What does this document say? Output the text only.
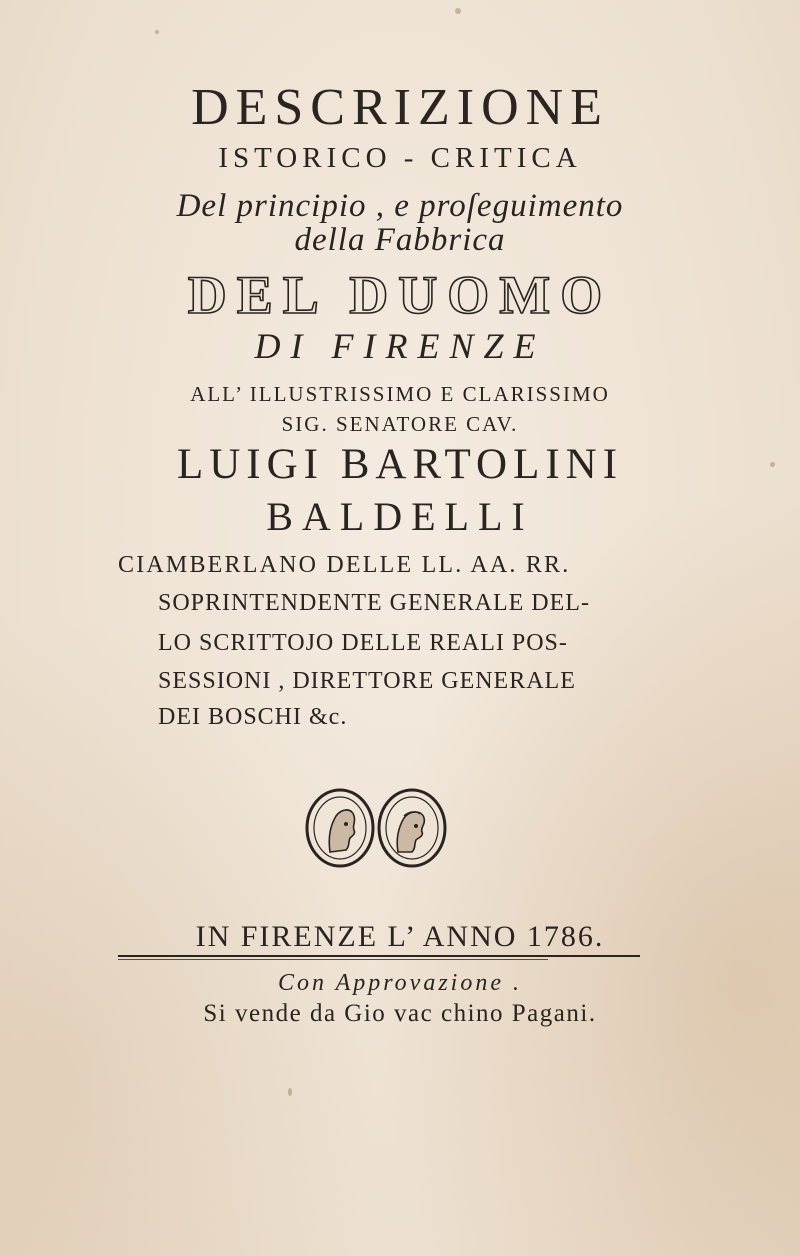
DESCRIZIONE
ISTORICO - CRITICA
Del principio , e proſeguimento
della Fabbrica
DEL DUOMO
DI FIRENZE
ALL’ ILLUSTRISSIMO E CLARISSIMO
SIG. SENATORE CAV.
LUIGI BARTOLINI
BALDELLI
CIAMBERLANO DELLE LL. AA. RR.
SOPRINTENDENTE GENERALE DEL-
LO SCRITTOJO DELLE REALI POS-
SESSIONI , DIRETTORE GENERALE
DEI BOSCHI &c.
IN FIRENZE L’ ANNO 1786.
Con Approvazione .
Si vende da Gio vac chino Pagani.
